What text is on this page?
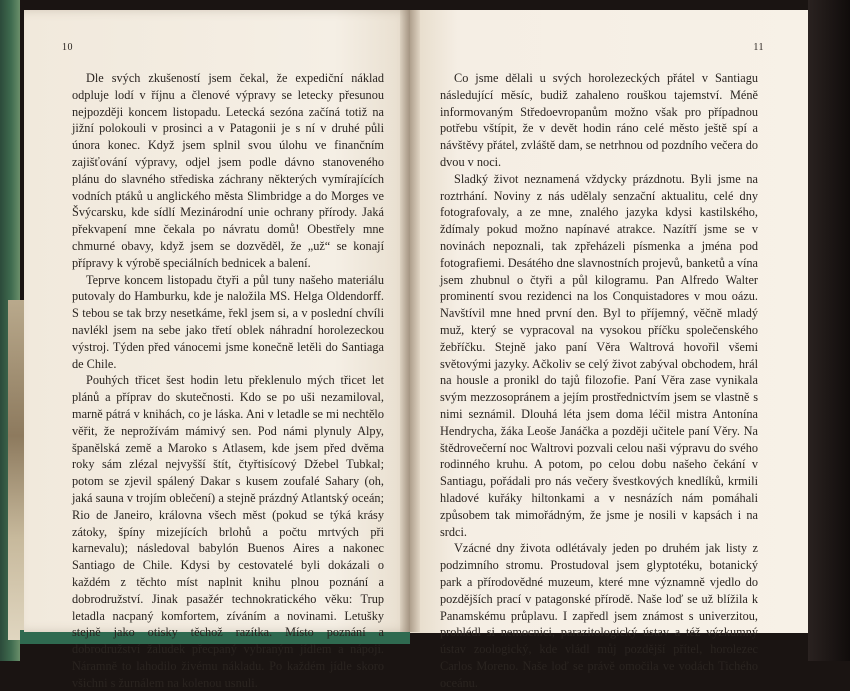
10

Dle svých zkušeností jsem čekal, že expediční náklad odpluje lodí v říjnu a členové výpravy se letecky přesunou nejpozději koncem listopadu. Letecká sezóna začíná totiž na jižní polokouli v prosinci a v Patagonii je s ní v druhé půli února konec. Když jsem splnil svou úlohu ve finančním zajišťování výpravy, odjel jsem podle dávno stanoveného plánu do slavného střediska záchrany některých vymírajících vodních ptáků u anglického města Slimbridge a do Morges ve Švýcarsku, kde sídlí Mezinárodní unie ochrany přírody. Jaká překvapení mne čekala po návratu domů! Obestřely mne chmurné obavy, když jsem se dozvěděl, že „už“ se konají přípravy k výrobě speciálních bednicek a balení.

Teprve koncem listopadu čtyři a půl tuny našeho materiálu putovaly do Hamburku, kde je naložila MS. Helga Oldendorff. S tebou se tak brzy nesetkáme, řekl jsem si, a v poslední chvíli navlékl jsem na sebe jako třetí oblek náhradní horolezeckou výstroj. Týden před vánocemi jsme konečně letěli do Santiaga de Chile.

Pouhých třicet šest hodin letu překlenulo mých třicet let plánů a příprav do skutečnosti. Kdo se po uši nezamiloval, marně pátrá v knihách, co je láska. Ani v letadle se mi nechtělo věřit, že neprožívám mámivý sen. Pod námi plynuly Alpy, španělská země a Maroko s Atlasem, kde jsem před dvěma roky sám zlézal nejvyšší štít, čtyřtisícový Džebel Tubkal; potom se zjevil spálený Dakar s kusem zoufalé Sahary (oh, jaká sauna v trojím oblečení) a stejně prázdný Atlantský oceán; Rio de Janeiro, královna všech měst (pokud se týká krásy zátoky, špíny mizejících brlohů a počtu mrtvých při karnevalu); následoval babylón Buenos Aires a nakonec Santiago de Chile. Kdysi by cestovatelé byli dokázali o každém z těchto míst naplnit knihu plnou poznání a dobrodružství. Jinak pasažér technokratického věku: Trup letadla nacpaný komfortem, zíváním a novinami. Letušky stejně jako otisky těchož razítka. Místo poznání a dobrodružství žaludek přecpaný vybraným jídlem a nápoji. Náramně to lahodilo živému nákladu. Po každém jídle skoro všichni s žurnálem na kolenou usnuli.

11

Co jsme dělali u svých horolezeckých přátel v Santiagu následující měsíc, budiž zahaleno rouškou tajemství. Méně informovaným Středoevropanům možno však pro případnou potřebu vštípit, že v devět hodin ráno celé město ještě spí a návštěvy přátel, zvláště dam, se netrhnou od pozdního večera do dvou v noci.

Sladký život neznamená vždycky prázdnotu. Byli jsme na roztrhání. Noviny z nás udělaly senzační aktualitu, celé dny fotografovaly, a ze mne, znalého jazyka kdysi kastilského, ždímaly pokud možno napínavé atrakce. Nazítří jsme se v novinách nepoznali, tak zpřeházeli písmenka a jména pod fotografiemi. Desátého dne slavnostních projevů, banketů a vína jsem zhubnul o čtyři a půl kilogramu. Pan Alfredo Walter prominentí svou rezidenci na los Conquistadores v mou oázu. Navštívil mne hned první den. Byl to příjemný, věčně mladý muž, který se vypracoval na vysokou příčku společenského žebříčku. Stejně jako paní Věra Waltrová hovořil všemi světovými jazyky. Ačkoliv se celý život zabýval obchodem, hrál na housle a pronikl do tajů filozofie. Paní Věra zase vynikala svým mezzosopránem a jejím prostřednictvím jsem se vlastně s nimi seznámil. Dlouhá léta jsem doma léčil mistra Antonína Hendrycha, žáka Leoše Janáčka a později učitele paní Věry. Na štědrovečerní noc Waltrovi pozvali celou naši výpravu do svého rodinného kruhu. A potom, po celou dobu našeho čekání v Santiagu, pořádali pro nás večery švestkových knedlíků, krmili hladové kuřáky hiltonkami a v nesnázích nám pomáhali způsobem tak mimořádným, že jsme je nosili v kapsách i na srdci.

Vzácné dny života odlétávaly jeden po druhém jak listy z podzimního stromu. Prostudoval jsem glyptotéku, botanický park a přírodovědné muzeum, které mne významně vjedlo do pozdějších prací v patagonské přírodě. Naše loď se už blížila k Panamskému průplavu. I zapředl jsem známost s univerzitou, prohlédl si nemocnici, parazitologický ústav a též výzkumný ústav zoologický, kde vládl můj pozdější přítel, horolezec Carlos Moreno. Naše loď se právě omočila ve vodách Tichého oceánu.
